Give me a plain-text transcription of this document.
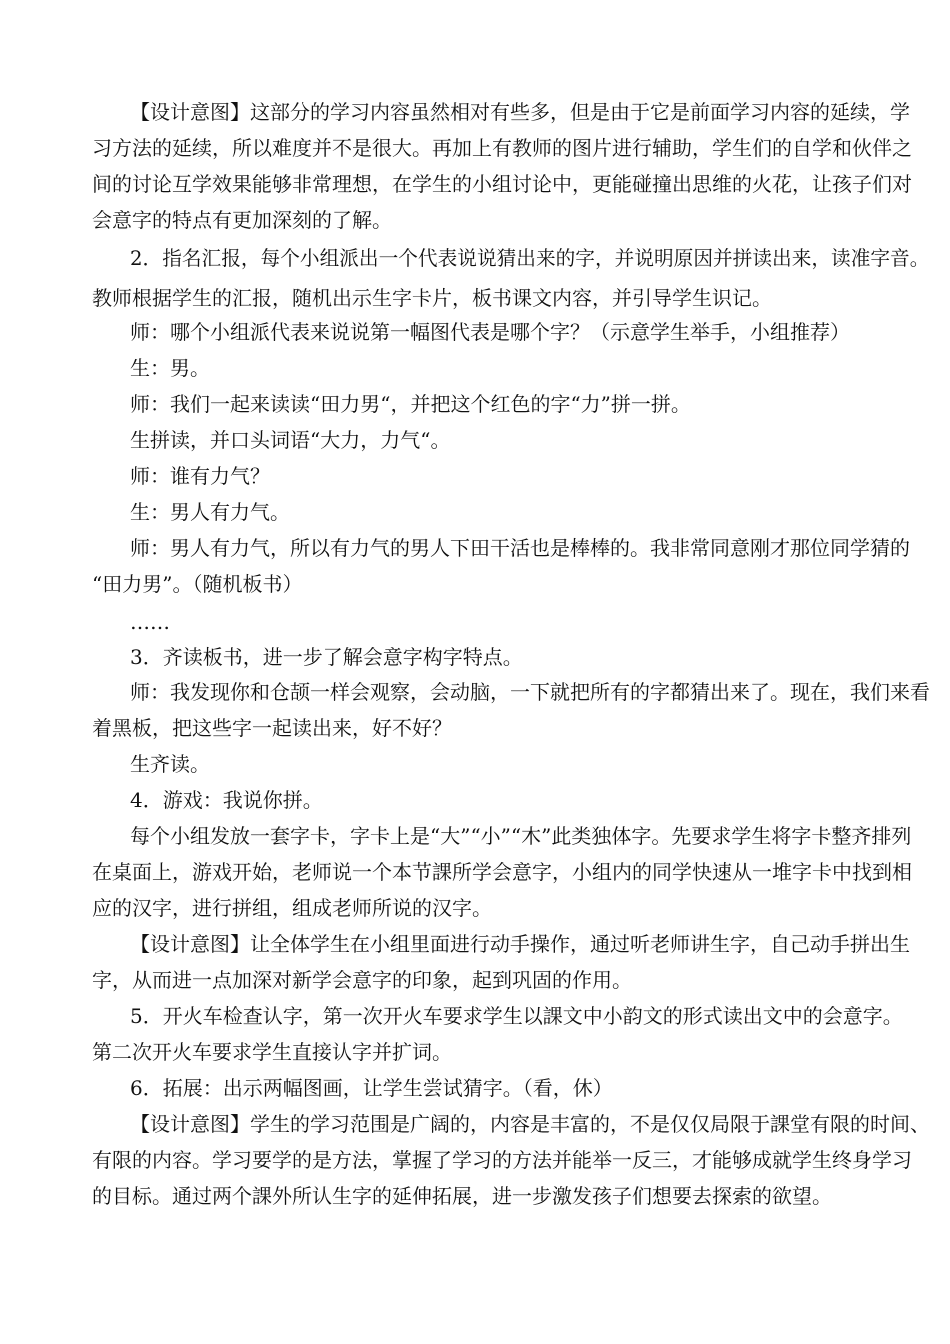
【设计意图】这部分的学习内容虽然相对有些多，但是由于它是前面学习内容的延续，学
习方法的延续，所以难度并不是很大。再加上有教师的图片进行辅助，学生们的自学和伙伴之
间的讨论互学效果能够非常理想，在学生的小组讨论中，更能碰撞出思维的火花，让孩子们对
会意字的特点有更加深刻的了解。
2．指名汇报，每个小组派出一个代表说说猜出来的字，并说明原因并拼读出来，读准字音。
教师根据学生的汇报，随机出示生字卡片，板书课文内容，并引导学生识记。
师：哪个小组派代表来说说第一幅图代表是哪个字？（示意学生举手，小组推荐）
生：男。
师：我们一起来读读“田力男“，并把这个红色的字“力”拼一拼。
生拼读，并口头词语“大力，力气“。
师：谁有力气？
生：男人有力气。
师：男人有力气，所以有力气的男人下田干活也是棒棒的。我非常同意刚才那位同学猜的
“田力男”。（随机板书）
……
3．齐读板书，进一步了解会意字构字特点。
师：我发现你和仓颉一样会观察，会动脑，一下就把所有的字都猜出来了。现在，我们来看
着黑板，把这些字一起读出来，好不好？
生齐读。
4．游戏：我说你拼。
每个小组发放一套字卡，字卡上是“大”“小”“木”此类独体字。先要求学生将字卡整齐排列
在桌面上，游戏开始，老师说一个本节課所学会意字，小组内的同学快速从一堆字卡中找到相
应的汉字，进行拼组，组成老师所说的汉字。
【设计意图】让全体学生在小组里面进行动手操作，通过听老师讲生字，自己动手拼出生
字，从而进一点加深对新学会意字的印象，起到巩固的作用。
5．开火车检查认字，第一次开火车要求学生以課文中小韵文的形式读出文中的会意字。
第二次开火车要求学生直接认字并扩词。
6．拓展：出示两幅图画，让学生尝试猜字。（看，休）
【设计意图】学生的学习范围是广阔的，内容是丰富的，不是仅仅局限于課堂有限的时间、
有限的内容。学习要学的是方法，掌握了学习的方法并能举一反三，才能够成就学生终身学习
的目标。通过两个課外所认生字的延伸拓展，进一步激发孩子们想要去探索的欲望。
